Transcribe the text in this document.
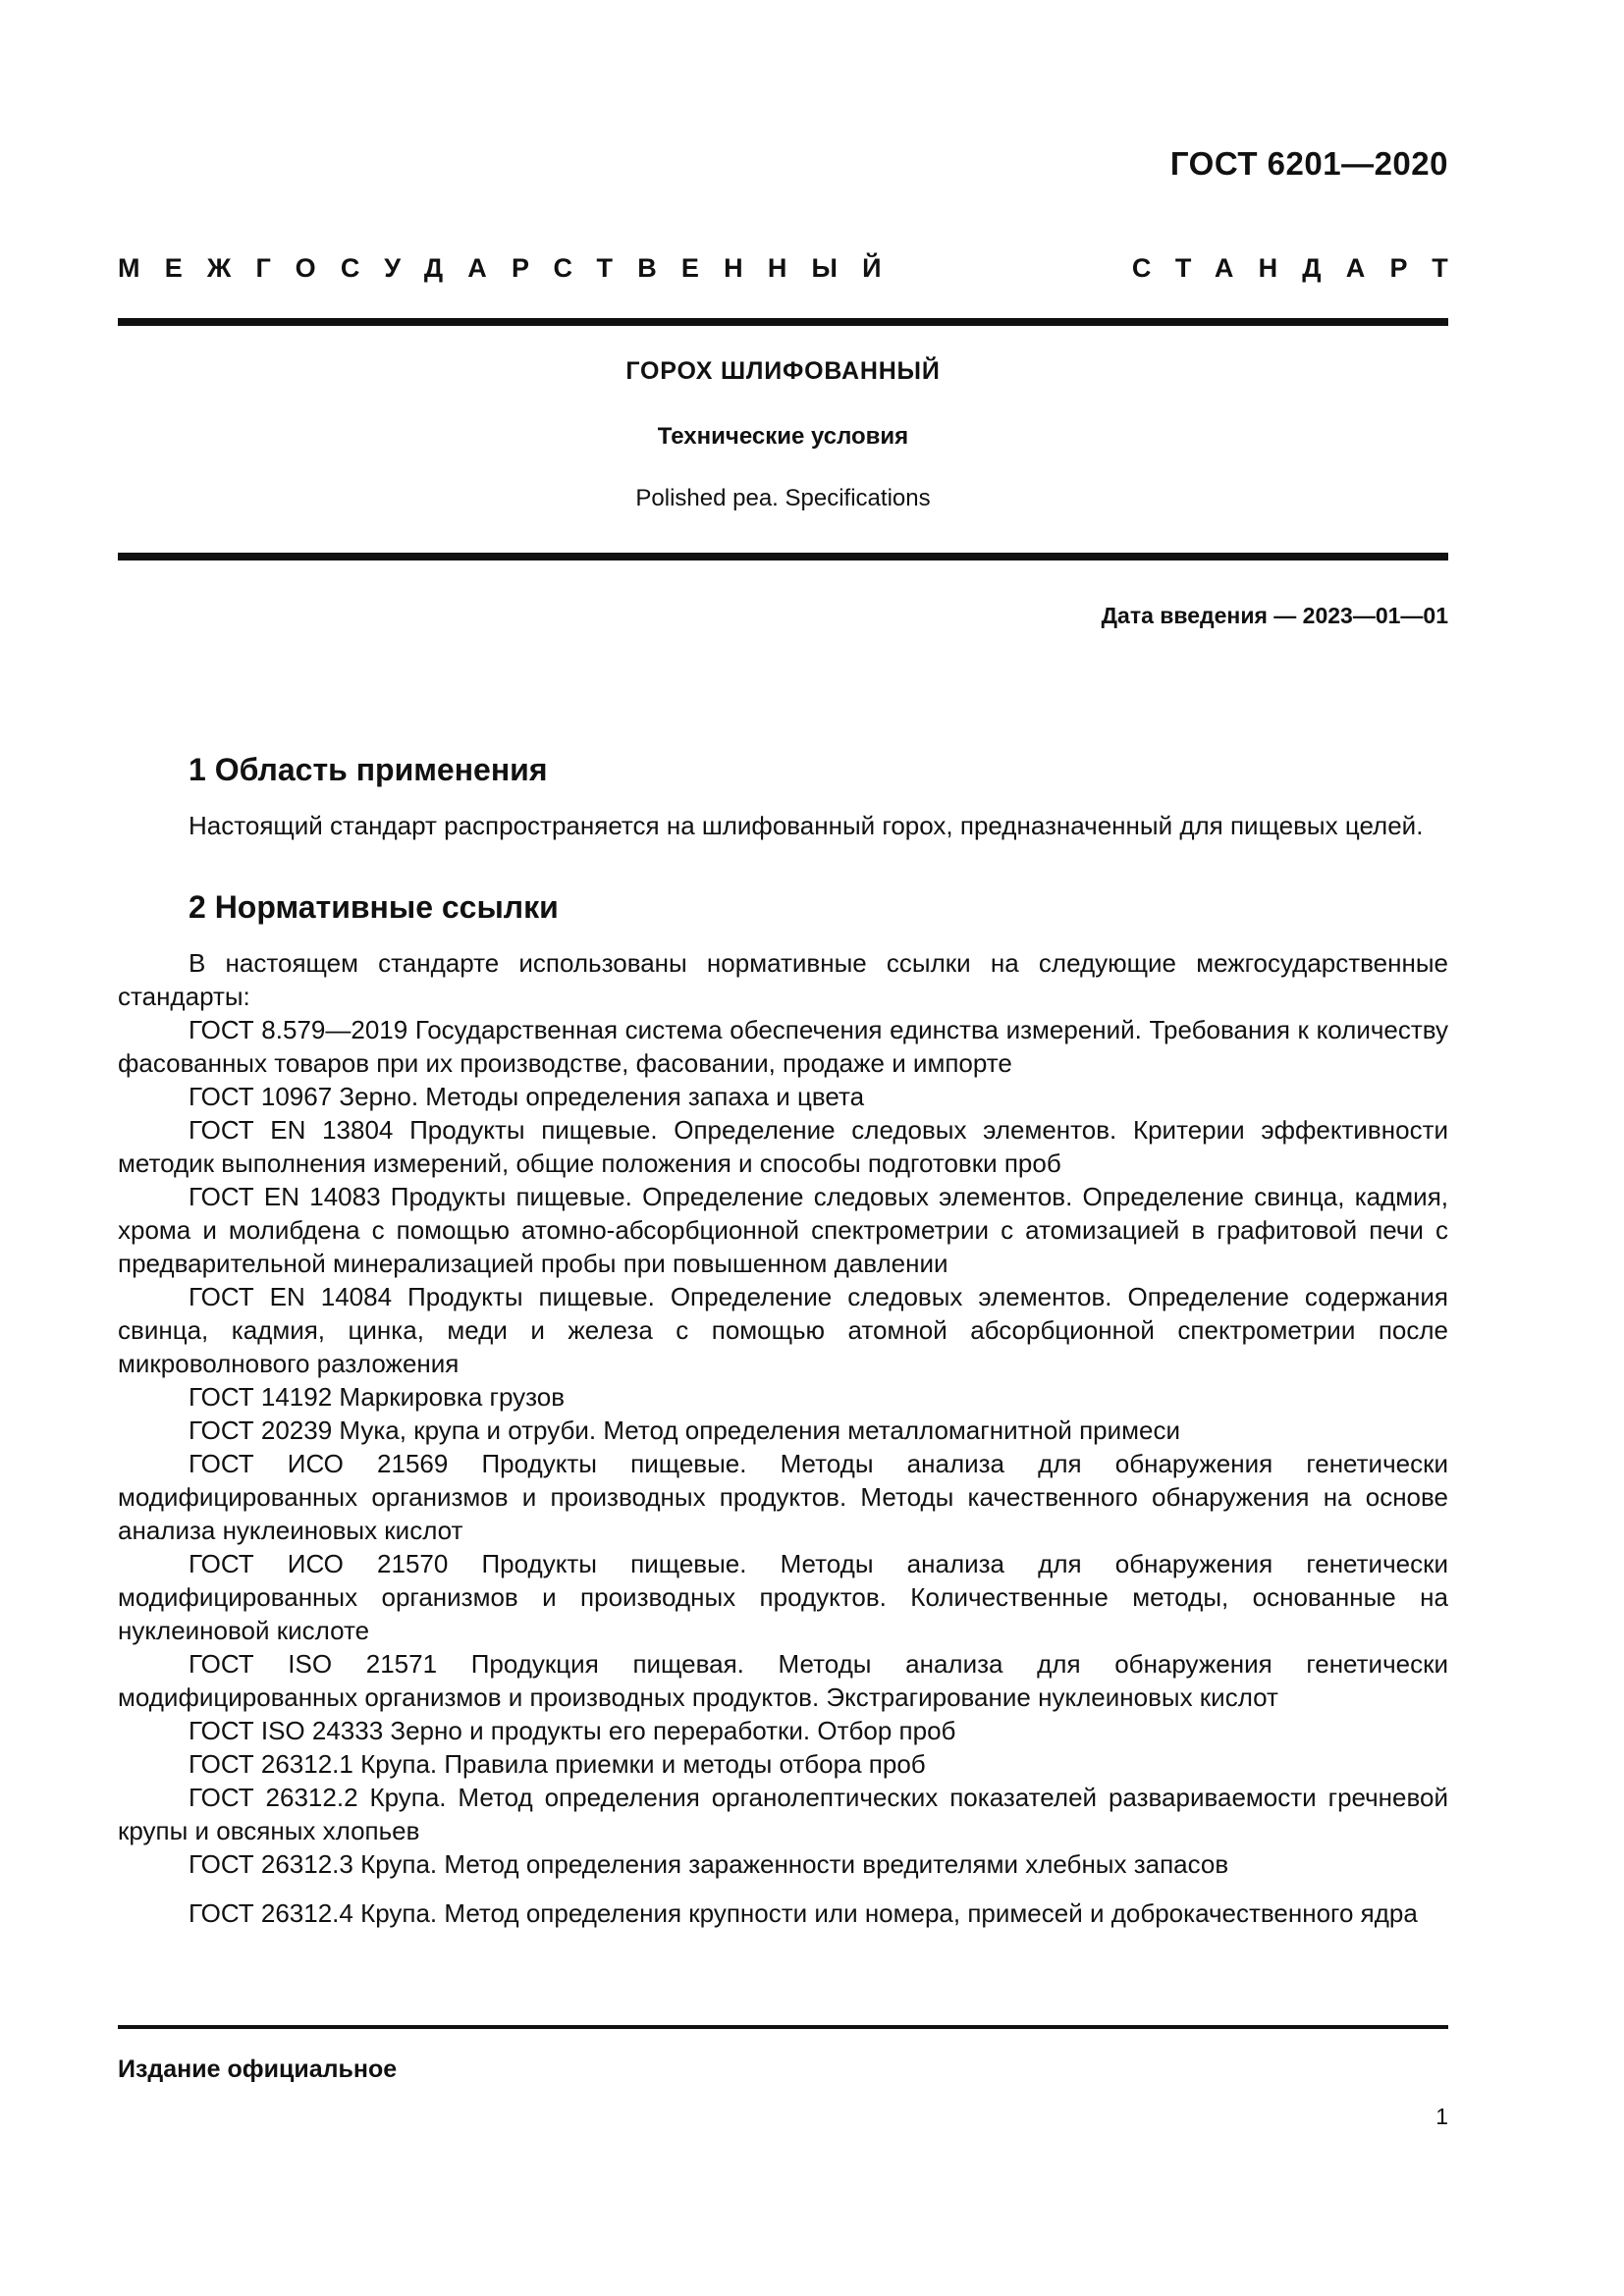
ГОСТ 6201—2020
МЕЖГОСУДАРСТВЕННЫЙ	СТАНДАРТ
ГОРОХ ШЛИФОВАННЫЙ
Технические условия
Polished pea. Specifications
Дата введения — 2023—01—01
1 Область применения

Настоящий стандарт распространяется на шлифованный горох, предназначенный для пищевых целей.

2 Нормативные ссылки

В настоящем стандарте использованы нормативные ссылки на следующие межгосударственные стандарты:

ГОСТ 8.579—2019 Государственная система обеспечения единства измерений. Требования к количеству фасованных товаров при их производстве, фасовании, продаже и импорте
ГОСТ 10967 Зерно. Методы определения запаха и цвета
ГОСТ EN 13804 Продукты пищевые. Определение следовых элементов. Критерии эффективности методик выполнения измерений, общие положения и способы подготовки проб
ГОСТ EN 14083 Продукты пищевые. Определение следовых элементов. Определение свинца, кадмия, хрома и молибдена с помощью атомно-абсорбционной спектрометрии с атомизацией в графитовой печи с предварительной минерализацией пробы при повышенном давлении
ГОСТ EN 14084 Продукты пищевые. Определение следовых элементов. Определение содержания свинца, кадмия, цинка, меди и железа с помощью атомной абсорбционной спектрометрии после микроволнового разложения
ГОСТ 14192 Маркировка грузов
ГОСТ 20239 Мука, крупа и отруби. Метод определения металломагнитной примеси
ГОСТ ИСО 21569 Продукты пищевые. Методы анализа для обнаружения генетически модифицированных организмов и производных продуктов. Методы качественного обнаружения на основе анализа нуклеиновых кислот
ГОСТ ИСО 21570 Продукты пищевые. Методы анализа для обнаружения генетически модифицированных организмов и производных продуктов. Количественные методы, основанные на нуклеиновой кислоте
ГОСТ ISO 21571 Продукция пищевая. Методы анализа для обнаружения генетически модифицированных организмов и производных продуктов. Экстрагирование нуклеиновых кислот
ГОСТ ISO 24333 Зерно и продукты его переработки. Отбор проб
ГОСТ 26312.1 Крупа. Правила приемки и методы отбора проб
ГОСТ 26312.2 Крупа. Метод определения органолептических показателей развариваемости гречневой крупы и овсяных хлопьев
ГОСТ 26312.3 Крупа. Метод определения зараженности вредителями хлебных запасов
ГОСТ 26312.4 Крупа. Метод определения крупности или номера, примесей и доброкачественного ядра
Издание официальное
1
